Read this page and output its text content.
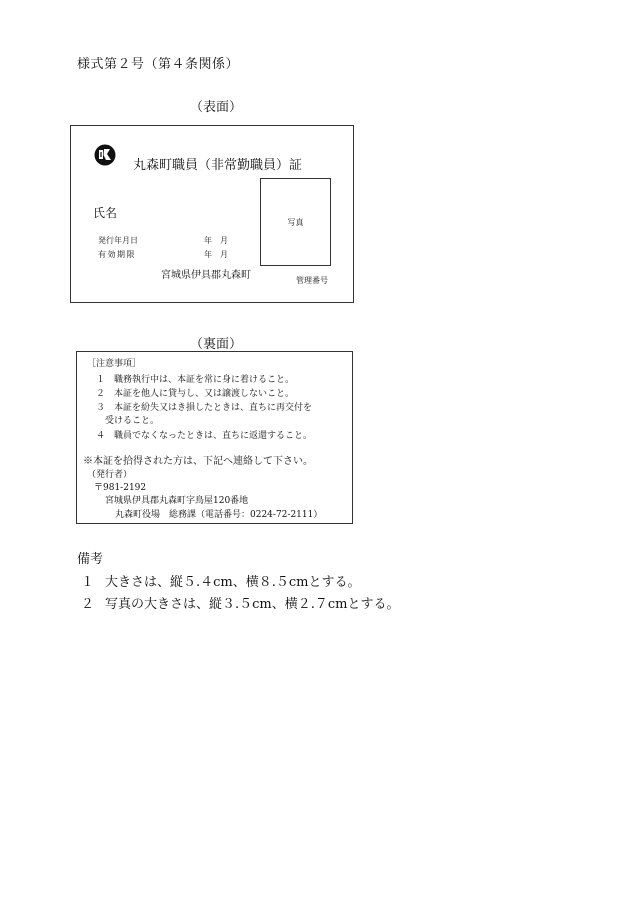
様式第２号（第４条関係）
（表面）
丸森町職員（非常勤職員）証
写真
氏名
発行年月日	年　月
有効期限	年　月
宮城県伊具郡丸森町	管理番号
（裏面）
［注意事項］
１　職務執行中は、本証を常に身に着けること。
２　本証を他人に貸与し、又は譲渡しないこと。
３　本証を紛失又はき損したときは、直ちに再交付を
受けること。
４　職員でなくなったときは、直ちに返還すること。
※本証を拾得された方は、下記へ連絡して下さい。
（発行者）
〒981-2192
宮城県伊具郡丸森町字鳥屋120番地
丸森町役場　総務課（電話番号：0224-72-2111）
備考
１ 大きさは、縦５.４cm、横８.５cmとする。
２ 写真の大きさは、縦３.５cm、横２.７cmとする。
